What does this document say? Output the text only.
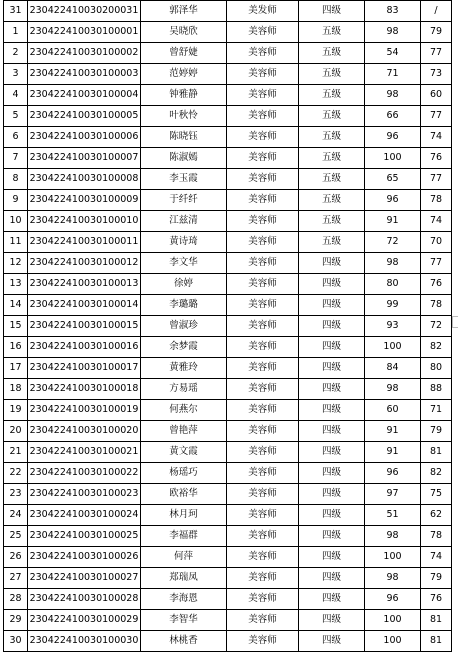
31	230422410030200031	郭泽华	美发师	四级	83	/
1	230422410030100001	吴晓欣	美容师	五级	98	79
2	230422410030100002	曾舒婕	美容师	五级	54	77
3	230422410030100003	范婷婷	美容师	五级	71	73
4	230422410030100004	钟雅静	美容师	五级	98	60
5	230422410030100005	叶秋怜	美容师	五级	66	77
6	230422410030100006	陈晓钰	美容师	五级	96	74
7	230422410030100007	陈淑嫣	美容师	五级	100	76
8	230422410030100008	李玉霞	美容师	五级	65	77
9	230422410030100009	于纤纤	美容师	五级	96	78
10	230422410030100010	江兹清	美容师	五级	91	74
11	230422410030100011	黄诗琦	美容师	五级	72	70
12	230422410030100012	李文华	美容师	四级	98	77
13	230422410030100013	徐婷	美容师	四级	80	76
14	230422410030100014	李璐璐	美容师	四级	99	78
15	230422410030100015	曾淑珍	美容师	四级	93	72
16	230422410030100016	余梦霞	美容师	四级	100	82
17	230422410030100017	黄雅玲	美容师	四级	84	80
18	230422410030100018	方易瑶	美容师	四级	98	88
19	230422410030100019	何燕尔	美容师	四级	60	71
20	230422410030100020	曾艳萍	美容师	四级	91	79
21	230422410030100021	黄文霞	美容师	四级	91	81
22	230422410030100022	杨瑶巧	美容师	四级	96	82
23	230422410030100023	欧裕华	美容师	四级	97	75
24	230422410030100024	林月珂	美容师	四级	51	62
25	230422410030100025	李福群	美容师	四级	98	78
26	230422410030100026	何萍	美容师	四级	100	74
27	230422410030100027	郑瑞凤	美容师	四级	98	79
28	230422410030100028	李海恩	美容师	四级	96	76
29	230422410030100029	李智华	美容师	四级	100	81
30	230422410030100030	林桃香	美容师	四级	100	81
